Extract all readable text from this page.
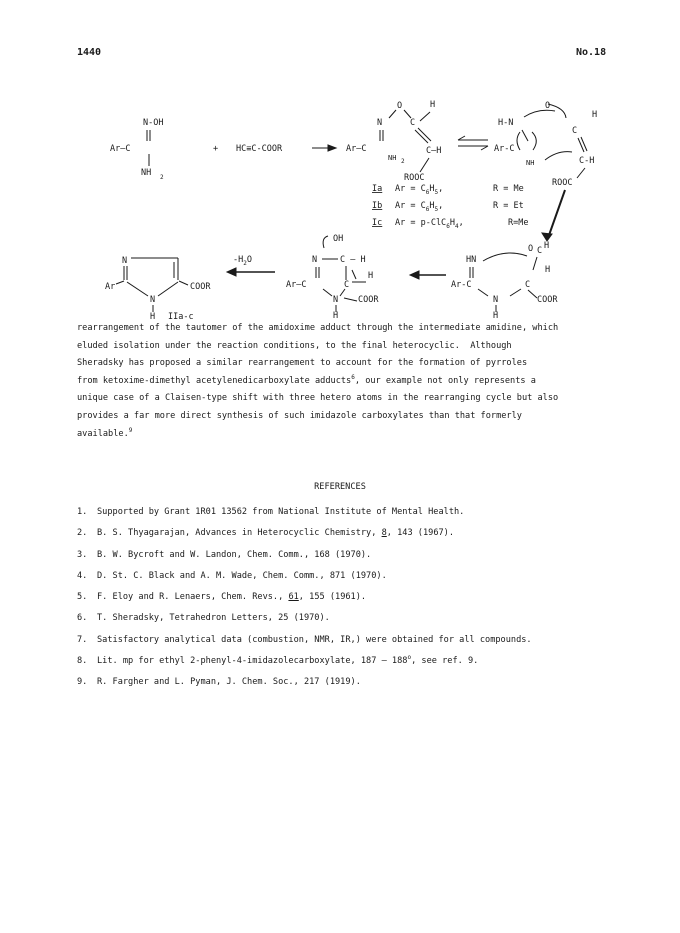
1440	No.18
N-OH
Ar—C
NH 2
+ HC≡C-COOR
O	H
N	C
Ar—C	C—H
NH 2
ROOC
O
H-N
H
C
Ar-C
NH	C-H
ROOC
Ia $Ar = C_6H_5$,	R = Me
Ib $Ar = C_6H_5$,	R = Et
Ic $Ar = p-ClC_6H_4$,	R=Me
O C H
HN
H
Ar-C	C
N
H
COOR
OH
N	C — H
Ar—C	C
H
N
H
COOR
$-H_2O$
N
Ar
N
H
COOR
IIa-c

rearrangement of the tautomer of the amidoxime adduct through the intermediate amidine, which
eluded isolation under the reaction conditions, to the final heterocyclic.  Although
Sheradsky has proposed a similar rearrangement to account for the formation of pyrroles
from ketoxime-dimethyl acetylenedicarboxylate adducts$^6$, our example not only represents a
unique case of a Claisen-type shift with three hetero atoms in the rearranging cycle but also
provides a far more direct synthesis of such imidazole carboxylates than that formerly
available.$^9$

REFERENCES
1. Supported by Grant 1R01 13562 from National Institute of Mental Health.
2. B. S. Thyagarajan, Advances in Heterocyclic Chemistry, 8, 143 (1967).
3. B. W. Bycroft and W. Landon, Chem. Comm., 168 (1970).
4. D. St. C. Black and A. M. Wade, Chem. Comm., 871 (1970).
5. F. Eloy and R. Lenaers, Chem. Revs., 61, 155 (1961).
6. T. Sheradsky, Tetrahedron Letters, 25 (1970).
7. Satisfactory analytical data (combustion, NMR, IR,) were obtained for all compounds.
8. Lit. mp for ethyl 2-phenyl-4-imidazolecarboxylate, 187 — 188$^o$, see ref. 9.
9. R. Fargher and L. Pyman, J. Chem. Soc., 217 (1919).
